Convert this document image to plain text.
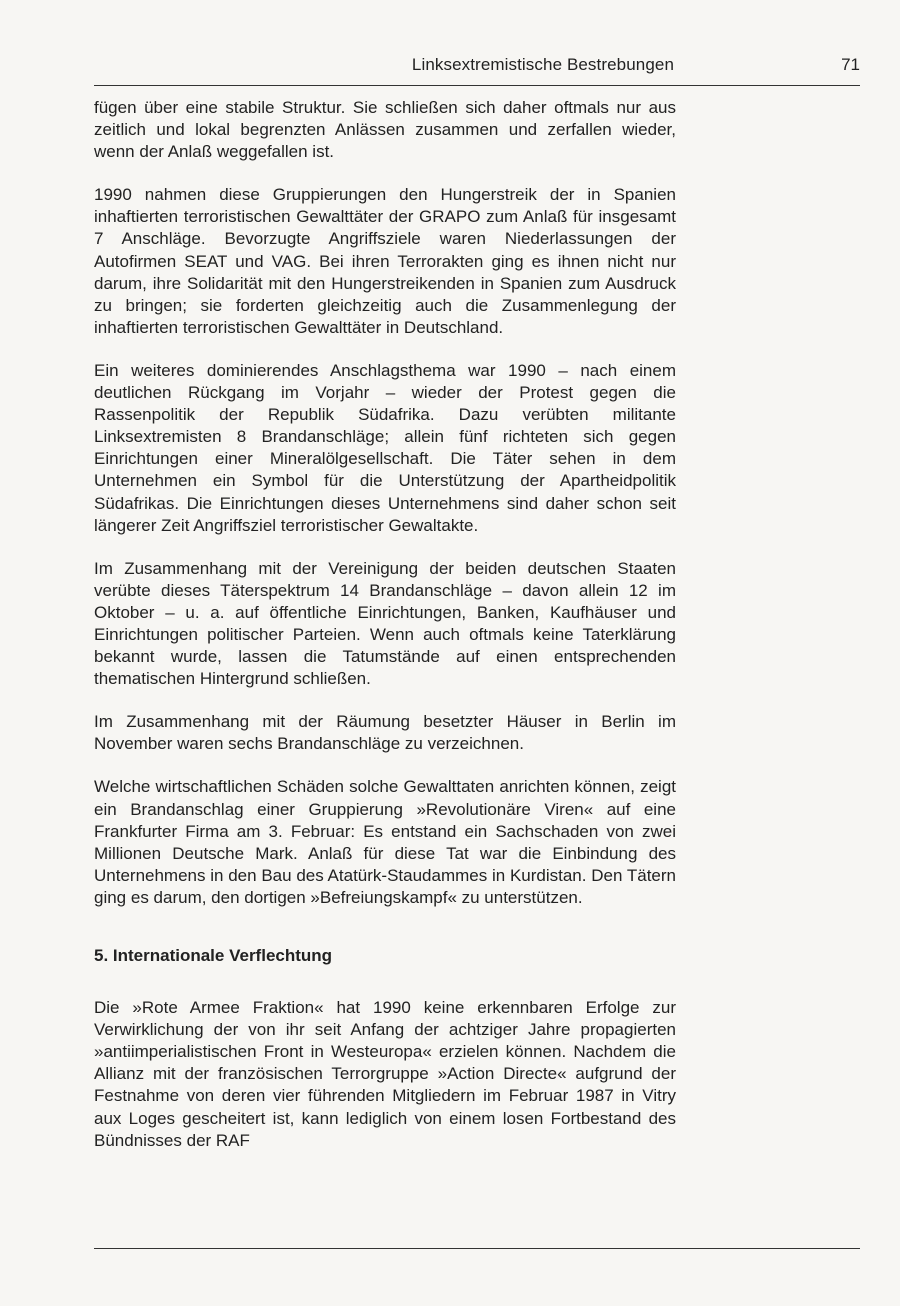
Linksextremistische Bestrebungen	71

fügen über eine stabile Struktur. Sie schließen sich daher oftmals nur aus zeitlich und lokal begrenzten Anlässen zusammen und zerfallen wieder, wenn der Anlaß weggefallen ist.

1990 nahmen diese Gruppierungen den Hungerstreik der in Spanien inhaftierten terroristischen Gewalttäter der GRAPO zum Anlaß für insgesamt 7 Anschläge. Bevorzugte Angriffsziele waren Niederlassungen der Autofirmen SEAT und VAG. Bei ihren Terrorakten ging es ihnen nicht nur darum, ihre Solidarität mit den Hungerstreikenden in Spanien zum Ausdruck zu bringen; sie forderten gleichzeitig auch die Zusammenlegung der inhaftierten terroristischen Gewalttäter in Deutschland.

Ein weiteres dominierendes Anschlagsthema war 1990 – nach einem deutlichen Rückgang im Vorjahr – wieder der Protest gegen die Rassenpolitik der Republik Südafrika. Dazu verübten militante Linksextremisten 8 Brandanschläge; allein fünf richteten sich gegen Einrichtungen einer Mineralölgesellschaft. Die Täter sehen in dem Unternehmen ein Symbol für die Unterstützung der Apartheidpolitik Südafrikas. Die Einrichtungen dieses Unternehmens sind daher schon seit längerer Zeit Angriffsziel terroristischer Gewaltakte.

Im Zusammenhang mit der Vereinigung der beiden deutschen Staaten verübte dieses Täterspektrum 14 Brandanschläge – davon allein 12 im Oktober – u. a. auf öffentliche Einrichtungen, Banken, Kaufhäuser und Einrichtungen politischer Parteien. Wenn auch oftmals keine Taterklärung bekannt wurde, lassen die Tatumstände auf einen entsprechenden thematischen Hintergrund schließen.

Im Zusammenhang mit der Räumung besetzter Häuser in Berlin im November waren sechs Brandanschläge zu verzeichnen.

Welche wirtschaftlichen Schäden solche Gewalttaten anrichten können, zeigt ein Brandanschlag einer Gruppierung »Revolutionäre Viren« auf eine Frankfurter Firma am 3. Februar: Es entstand ein Sachschaden von zwei Millionen Deutsche Mark. Anlaß für diese Tat war die Einbindung des Unternehmens in den Bau des Atatürk-Staudammes in Kurdistan. Den Tätern ging es darum, den dortigen »Befreiungskampf« zu unterstützen.

5. Internationale Verflechtung

Die »Rote Armee Fraktion« hat 1990 keine erkennbaren Erfolge zur Verwirklichung der von ihr seit Anfang der achtziger Jahre propagierten »antiimperialistischen Front in Westeuropa« erzielen können. Nachdem die Allianz mit der französischen Terrorgruppe »Action Directe« aufgrund der Festnahme von deren vier führenden Mitgliedern im Februar 1987 in Vitry aux Loges gescheitert ist, kann lediglich von einem losen Fortbestand des Bündnisses der RAF
